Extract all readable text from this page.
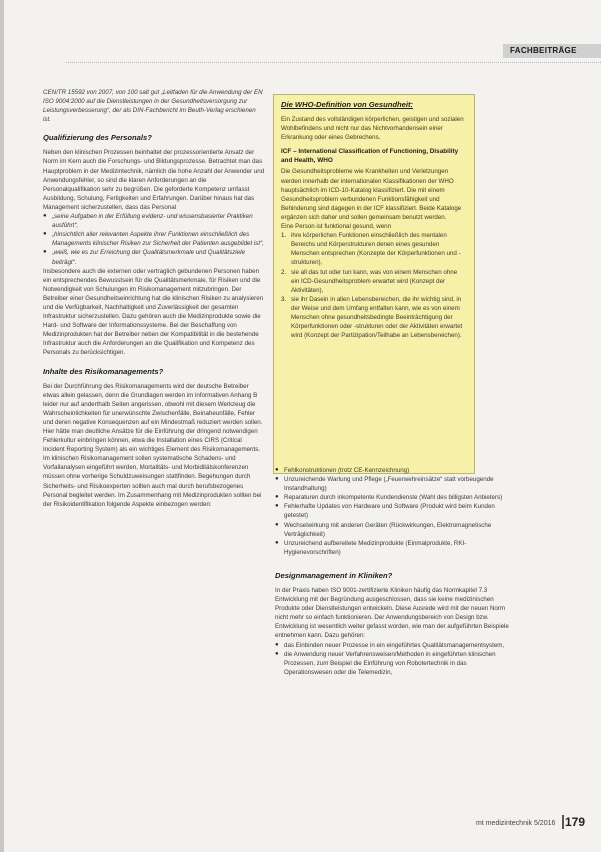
FACHBEITRÄGE

CEN/TR 15592 von 2007, von 100 salt gut „Leitfaden für die Anwendung der EN ISO 9004:2000 auf die Dienstleistungen in der Gesundheitsversorgung zur Leistungsverbesserung“, der als DIN-Fachbericht im Beuth-Verlag erschienen ist.

Qualifizierung des Personals?

Neben den klinischen Prozessen beinhaltet der prozessorientierte Ansatz der Norm im Kern auch die Forschungs- und Bildungsprozesse. Betrachtet man das Hauptproblem in der Medizintechnik, nämlich die hohe Anzahl der Anwender und Anwendungsfehler, so sind die klaren Anforderungen an die Personalqualifikation sehr zu begrüßen. Die geforderte Kompetenz umfasst Ausbildung, Schulung, Fertigkeiten und Erfahrungen. Darüber hinaus hat das Management sicherzustellen, dass das Personal

● „seine Aufgaben in der Erfüllung evidenz- und wissensbasierter Praktiken ausführt“,
● „hinsichtlich aller relevanten Aspekte ihrer Funktionen einschließlich des Managements klinischer Risiken zur Sicherheit der Patienten ausgebildet ist“,
● „weiß, wie es zur Erreichung der Qualitätsmerkmale und Qualitätsziele beiträgt“.

Insbesondere auch die externen oder vertraglich gebundenen Personen haben ein entsprechendes Bewusstsein für die Qualitätsmerkmale, für Risiken und die Notwendigkeit von Schulungen im Risikomanagement mitzubringen. Der Betreiber einer Gesundheitseinrichtung hat die klinischen Risiken zu analysieren und die Verfügbarkeit, Nachhaltigkeit und Zuverlässigkeit der gesamten Infrastruktur sicherzustellen. Dazu gehören auch die Medizinprodukte sowie die Hard- und Software der Informationssysteme. Bei der Beschaffung von Medizinprodukten hat der Betreiber neben der Kompatibilität in die bestehende Infrastruktur auch die Anforderungen an die Qualifikation und Kompetenz des Personals zu berücksichtigen.

Inhalte des Risikomanagements?

Bei der Durchführung des Risikomanagements wird der deutsche Betreiber etwas allein gelassen, denn die Grundlagen werden im informativen Anhang B leider nur auf anderthalb Seiten angerissen, obwohl mit diesem Werkzeug die Wahrscheinlichkeiten für unerwünschte Zwischenfälle, Beinaheunfälle, Fehler und deren negative Konsequenzen auf ein Mindestmaß reduziert werden sollen. Hier hätte man deutliche Ansätze für die Einführung der dringend notwendigen Fehlerkultur einbringen können, etwa die Installation eines CIRS (Critical Incident Reporting System) als ein wichtiges Element des Risikomanagements.

Im klinischen Risikomanagement sollen systematische Schadens- und Vorfallanalysen eingeführt werden, Mortalitäts- und Morbiditätskonferenzen müssen ohne vorherige Schuldzuweisungen stattfinden. Begehungen durch Sicherheits- und Risikoexperten sollten auch mal durch berufsbezogenes Personal begleitet werden. Im Zusammenhang mit Medizinprodukten sollten bei der Risikoidentifikation folgende Aspekte einbezogen werden:

Die WHO-Definition von Gesundheit:

Ein Zustand des vollständigen körperlichen, geistigen und sozialen Wohlbefindens und nicht nur das Nichtvorhandensein einer Erkrankung oder eines Gebrechens.

ICF – International Classification of Functioning, Disability and Health, WHO

Die Gesundheitsprobleme wie Krankheiten und Verletzungen werden innerhalb der internationalen Klassifikationen der WHO hauptsächlich im ICD-10-Katalog klassifiziert. Die mit einem Gesundheitsproblem verbundenen Funktionsfähigkeit und Behinderung sind dagegen in der ICF klassifiziert. Beide Kataloge ergänzen sich daher und sollen gemeinsam benutzt werden.

Eine Person ist funktional gesund, wenn

1. ihre körperlichen Funktionen einschließlich des mentalen Bereichs und Körperstrukturen denen eines gesunden Menschen entsprechen (Konzepte der Körperfunktionen und -strukturen),
2. sie all das tut oder tun kann, was von einem Menschen ohne ein ICD-Gesundheitsproblem erwartet wird (Konzept der Aktivitäten),
3. sie ihr Dasein in allen Lebensbereichen, die ihr wichtig sind, in der Weise und dem Umfang entfalten kann, wie es von einem Menschen ohne gesundheitsbedingte Beeinträchtigung der Körperfunktionen oder -strukturen oder der Aktivitäten erwartet wird (Konzept der Partizipation/Teilhabe an Lebensbereichen).
● Fehlkonstruktionen (trotz CE-Kennzeichnung)
● Unzureichende Wartung und Pflege („Feuerwehreinsätze“ statt vorbeugende Instandhaltung)
● Reparaturen durch inkompetente Kundendienste (Wahl des billigsten Anbieters)
● Fehlerhafte Updates von Hardware und Software (Produkt wird beim Kunden getestet)
● Wechselwirkung mit anderen Geräten (Rückwirkungen, Elektromagnetische Verträglichkeit)
● Unzureichend aufbereitete Medizinprodukte (Einmalprodukte, RKI-Hygienevorschriften)
Designmanagement in Kliniken?

In der Praxis haben ISO 9001-zertifizierte Kliniken häufig das Normkapitel 7.3 Entwicklung mit der Begründung ausgeschlossen, dass sie keine medizinischen Produkte oder Dienstleistungen entwickeln. Diese Ausrede wird mit der neuen Norm nicht mehr so einfach funktionieren. Der Anwendungsbereich von Design bzw. Entwicklung ist wesentlich weiter gefasst worden, wie man der aufgeführten Beispiele entnehmen kann. Dazu gehören:

● das Einbinden neuer Prozesse in ein eingeführtes Qualitätsmanagementsystem,
● die Anwendung neuer Verfahrensweisen/Methoden in eingeführten klinischen Prozessen, zum Beispiel die Einführung von Robotertechnik in das Operationswesen oder die Telemedizin,
mt medizintechnik 5/2016 179
